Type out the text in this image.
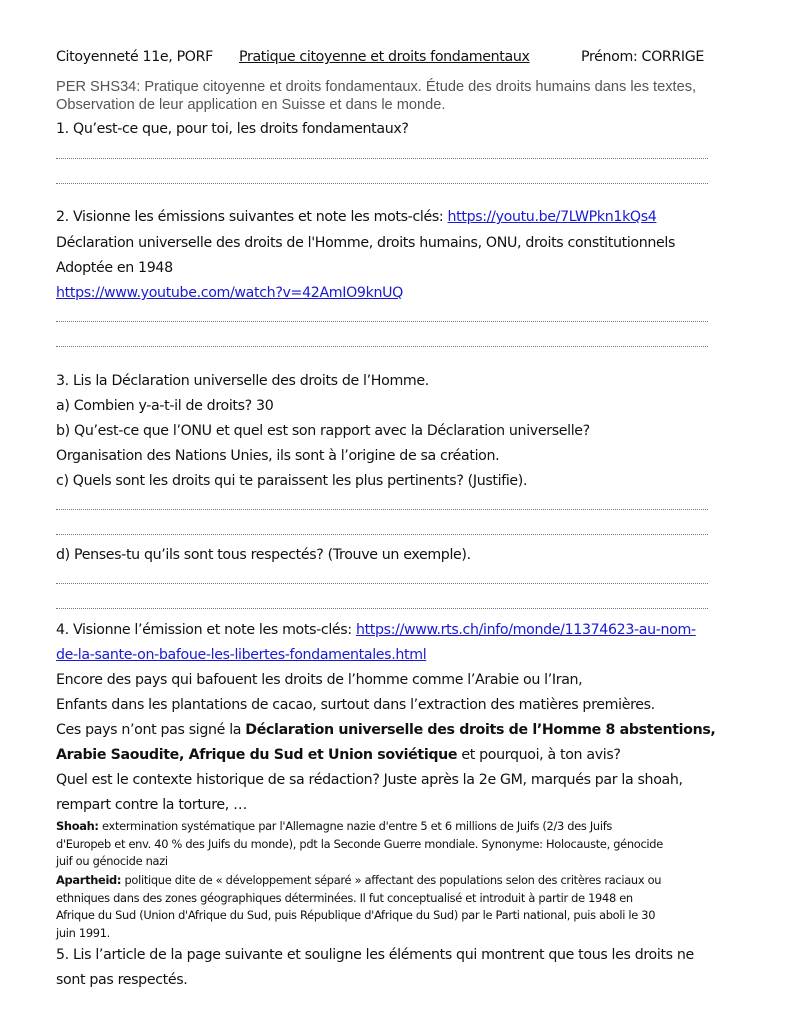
Citoyenneté 11e, PORF Pratique citoyenne et droits fondamentaux	Prénom: CORRIGE
PER SHS34: Pratique citoyenne et droits fondamentaux. Étude des droits humains dans les textes,
Observation de leur application en Suisse et dans le monde.
1. Qu’est-ce que, pour toi, les droits fondamentaux?
2. Visionne les émissions suivantes et note les mots-clés: https://youtu.be/7LWPkn1kQs4
Déclaration universelle des droits de l'Homme, droits humains, ONU, droits constitutionnels
Adoptée en 1948
https://www.youtube.com/watch?v=42AmIO9knUQ
3. Lis la Déclaration universelle des droits de l’Homme.
a) Combien y-a-t-il de droits? 30
b) Qu’est-ce que l’ONU et quel est son rapport avec la Déclaration universelle?
Organisation des Nations Unies, ils sont à l’origine de sa création.
c) Quels sont les droits qui te paraissent les plus pertinents? (Justifie).
d) Penses-tu qu’ils sont tous respectés? (Trouve un exemple).
4. Visionne l’émission et note les mots-clés: https://www.rts.ch/info/monde/11374623-au-nom-
de-la-sante-on-bafoue-les-libertes-fondamentales.html
Encore des pays qui bafouent les droits de l’homme comme l’Arabie ou l’Iran,
Enfants dans les plantations de cacao, surtout dans l’extraction des matières premières.
Ces pays n’ont pas signé la Déclaration universelle des droits de l’Homme 8 abstentions,
Arabie Saoudite, Afrique du Sud et Union soviétique et pourquoi, à ton avis?
Quel est le contexte historique de sa rédaction? Juste après la 2e GM, marqués par la shoah,
rempart contre la torture, …
Shoah: extermination systématique par l'Allemagne nazie d'entre 5 et 6 millions de Juifs (2/3 des Juifs
d'Europeb et env. 40 % des Juifs du monde), pdt la Seconde Guerre mondiale. Synonyme: Holocauste, génocide
juif ou génocide nazi
Apartheid: politique dite de « développement séparé » affectant des populations selon des critères raciaux ou
ethniques dans des zones géographiques déterminées. Il fut conceptualisé et introduit à partir de 1948 en
Afrique du Sud (Union d'Afrique du Sud, puis République d'Afrique du Sud) par le Parti national, puis aboli le 30
juin 1991.
5. Lis l’article de la page suivante et souligne les éléments qui montrent que tous les droits ne
sont pas respectés.
